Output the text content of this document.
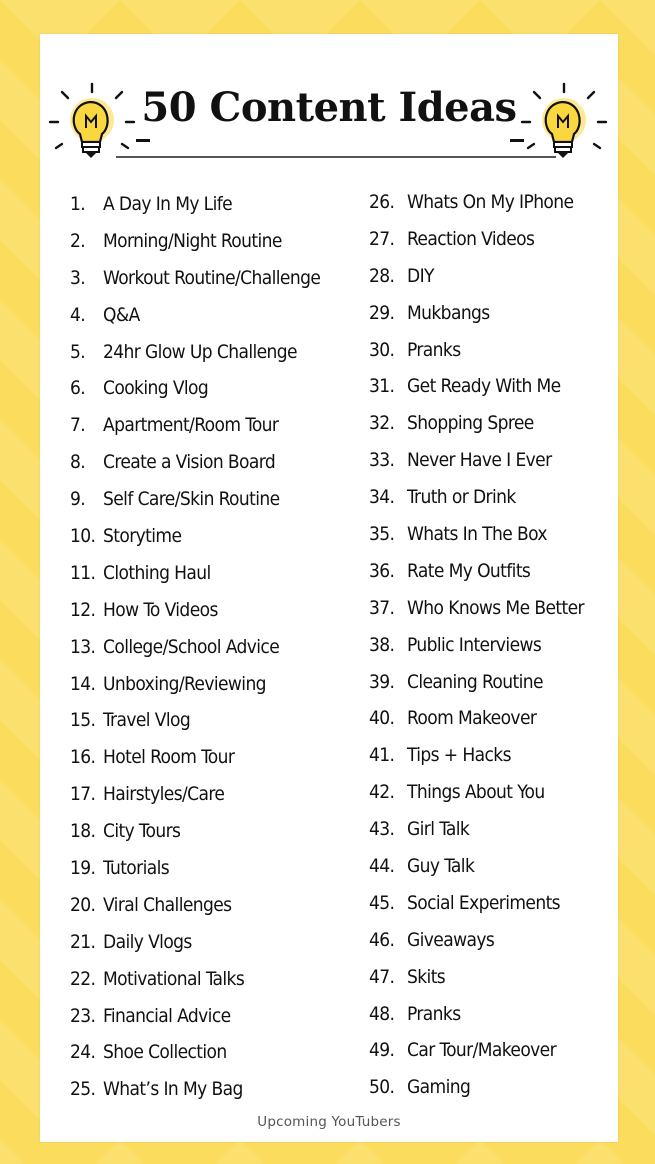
50 Content Ideas
1. A Day In My Life
2. Morning/Night Routine
3. Workout Routine/Challenge
4. Q&A
5. 24hr Glow Up Challenge
6. Cooking Vlog
7. Apartment/Room Tour
8. Create a Vision Board
9. Self Care/Skin Routine
10. Storytime
11. Clothing Haul
12. How To Videos
13. College/School Advice
14. Unboxing/Reviewing
15. Travel Vlog
16. Hotel Room Tour
17. Hairstyles/Care
18. City Tours
19. Tutorials
20. Viral Challenges
21. Daily Vlogs
22. Motivational Talks
23. Financial Advice
24. Shoe Collection
25. What’s In My Bag
26. Whats On My IPhone
27. Reaction Videos
28. DIY
29. Mukbangs
30. Pranks
31. Get Ready With Me
32. Shopping Spree
33. Never Have I Ever
34. Truth or Drink
35. Whats In The Box
36. Rate My Outfits
37. Who Knows Me Better
38. Public Interviews
39. Cleaning Routine
40. Room Makeover
41. Tips + Hacks
42. Things About You
43. Girl Talk
44. Guy Talk
45. Social Experiments
46. Giveaways
47. Skits
48. Pranks
49. Car Tour/Makeover
50. Gaming
Upcoming YouTubers
